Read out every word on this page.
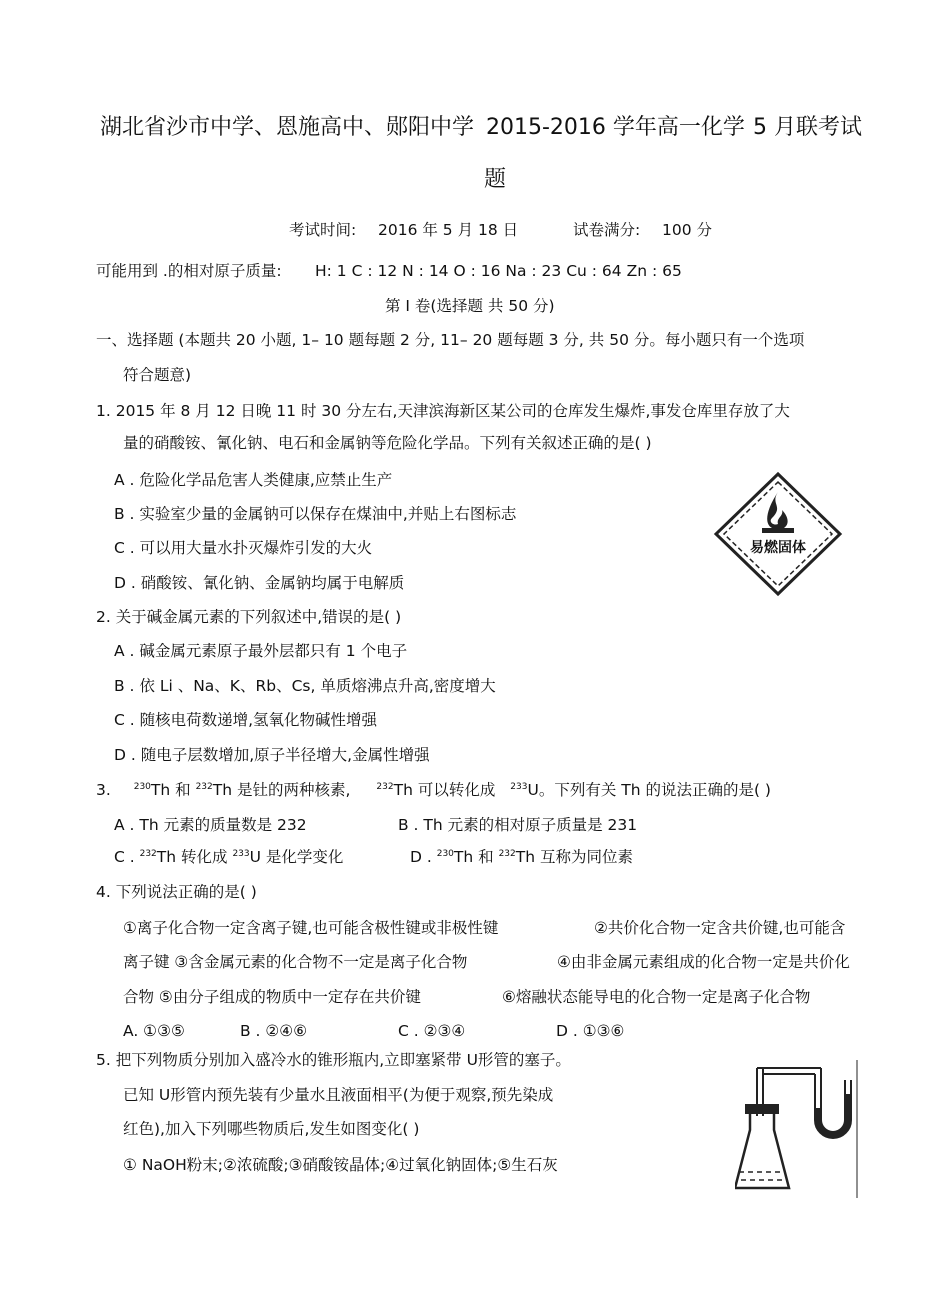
湖北省沙市中学、恩施高中、郧阳中学 2015-2016 学年高一化学 5 月联考试
题
考试时间: 2016 年 5 月 18 日	试卷满分: 100 分
可能用到 .的相对原子质量: H: 1 C : 12 N : 14 O : 16 Na : 23 Cu : 64 Zn : 65
第 I 卷(选择题 共 50 分)
一、选择题 (本题共 20 小题, 1– 10 题每题 2 分, 11– 20 题每题 3 分, 共 50 分。每小题只有一个选项
符合题意)
1. 2015 年 8 月 12 日晚 11 时 30 分左右,天津滨海新区某公司的仓库发生爆炸,事发仓库里存放了大
量的硝酸铵、氰化钠、电石和金属钠等危险化学品。下列有关叙述正确的是( )
A . 危险化学品危害人类健康,应禁止生产
B . 实验室少量的金属钠可以保存在煤油中,并贴上右图标志
C . 可以用大量水扑灭爆炸引发的大火
D . 硝酸铵、氰化钠、金属钠均属于电解质
易燃固体
2. 关于碱金属元素的下列叙述中,错误的是( )
A . 碱金属元素原子最外层都只有 1 个电子
B . 依 Li 、Na、K、Rb、Cs, 单质熔沸点升高,密度增大
C . 随核电荷数递增,氢氧化物碱性增强
D . 随电子层数增加,原子半径增大,金属性增强
3.	$^{230}$Th 和 $^{232}$Th 是钍的两种核素,	$^{232}$Th 可以转化成 $^{233}$U。下列有关 Th 的说法正确的是( )
A . Th 元素的质量数是 232	B . Th 元素的相对原子质量是 231
C . $^{232}$Th 转化成 $^{233}$U 是化学变化	D . $^{230}$Th 和 $^{232}$Th 互称为同位素
4. 下列说法正确的是( )
①离子化合物一定含离子键,也可能含极性键或非极性键	②共价化合物一定含共价键,也可能含
离子键 ③含金属元素的化合物不一定是离子化合物	④由非金属元素组成的化合物一定是共价化
合物 ⑤由分子组成的物质中一定存在共价键	⑥熔融状态能导电的化合物一定是离子化合物
A. ①③⑤	B . ②④⑥	C . ②③④	D . ①③⑥
5. 把下列物质分别加入盛冷水的锥形瓶内,立即塞紧带 U形管的塞子。
已知 U形管内预先装有少量水且液面相平(为便于观察,预先染成
红色),加入下列哪些物质后,发生如图变化( )
① NaOH粉末;②浓硫酸;③硝酸铵晶体;④过氧化钠固体;⑤生石灰
